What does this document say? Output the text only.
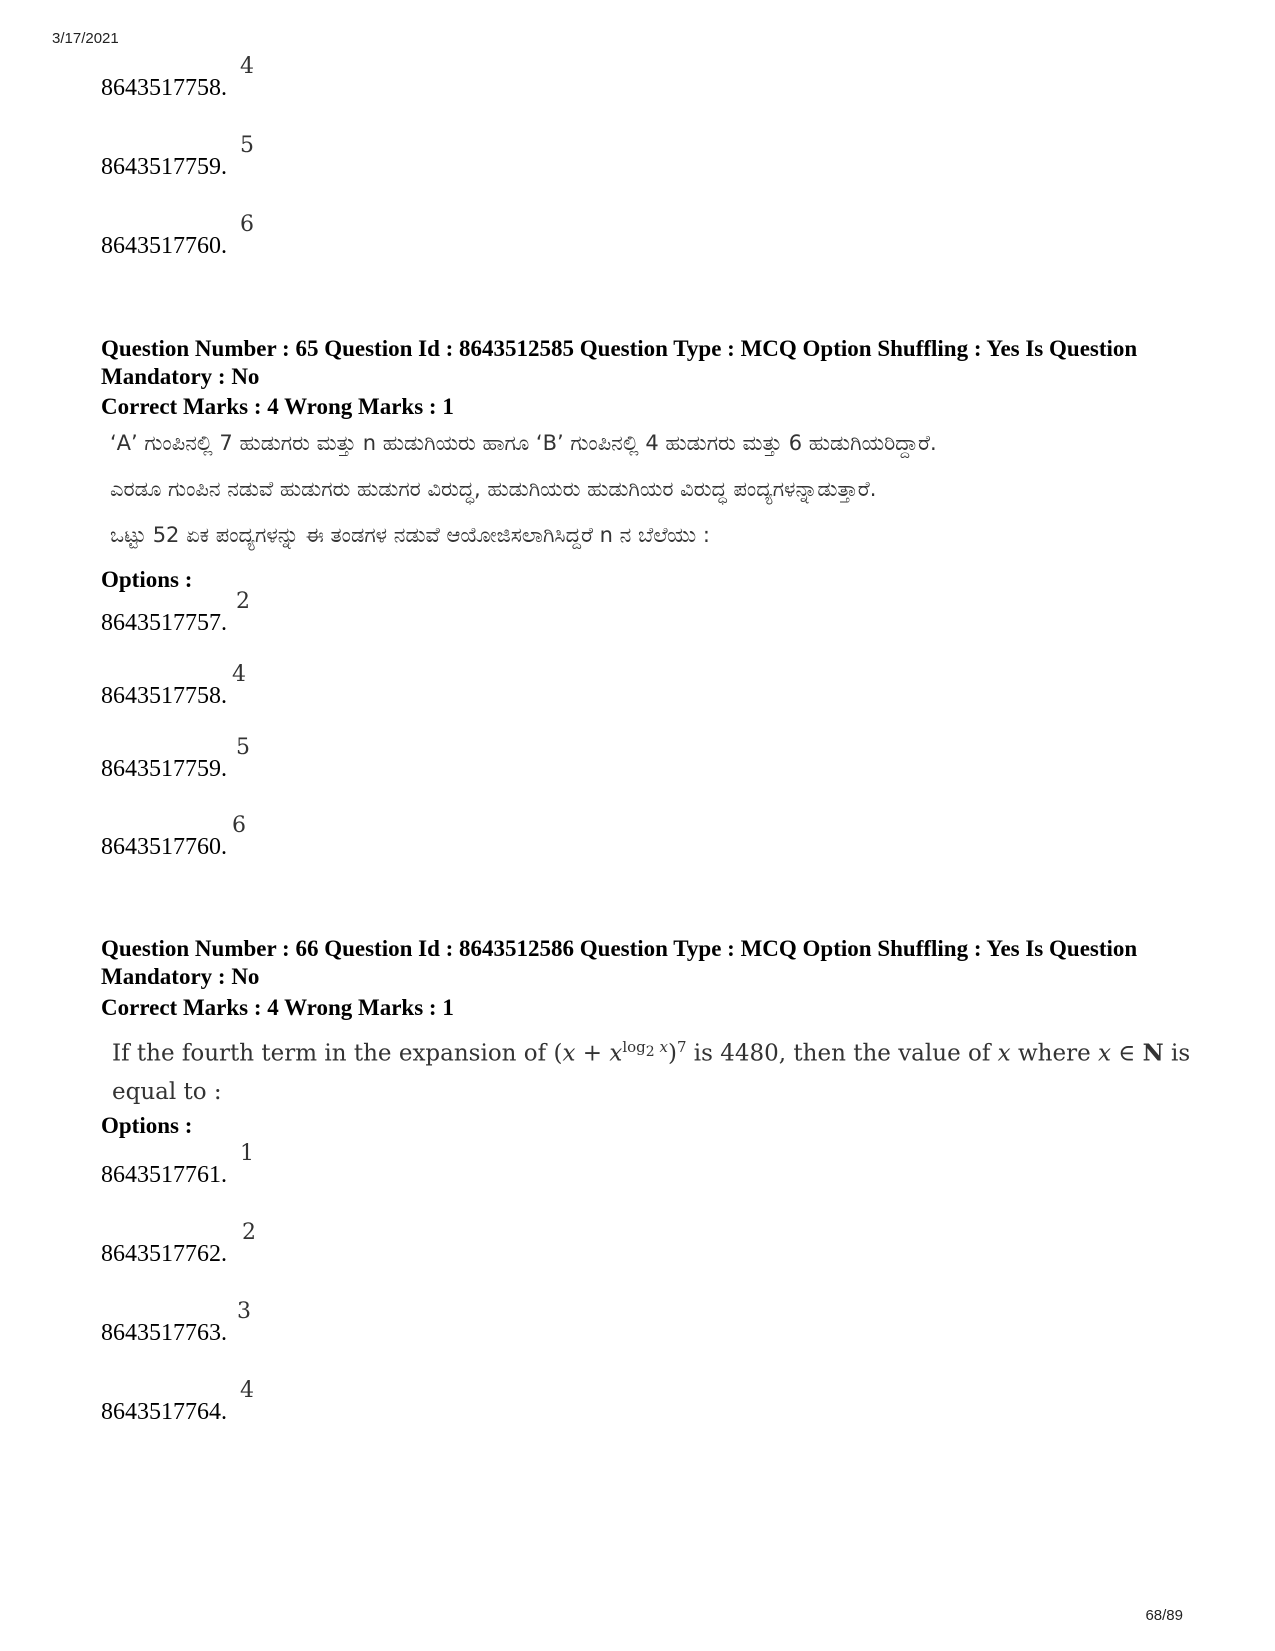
3/17/2021
8643517758.
4
8643517759.
5
8643517760.
6
Question Number : 65 Question Id : 8643512585 Question Type : MCQ Option Shuffling : Yes Is Question Mandatory : No
Correct Marks : 4 Wrong Marks : 1
‘A’ ಗುಂಪಿನಲ್ಲಿ 7 ಹುಡುಗರು ಮತ್ತು n ಹುಡುಗಿಯರು ಹಾಗೂ ‘B’ ಗುಂಪಿನಲ್ಲಿ 4 ಹುಡುಗರು ಮತ್ತು 6 ಹುಡುಗಿಯರಿದ್ದಾರೆ.
ಎರಡೂ ಗುಂಪಿನ ನಡುವೆ ಹುಡುಗರು ಹುಡುಗರ ವಿರುದ್ಧ, ಹುಡುಗಿಯರು ಹುಡುಗಿಯರ ವಿರುದ್ಧ ಪಂದ್ಯಗಳನ್ನಾಡುತ್ತಾರೆ.
ಒಟ್ಟು 52 ಏಕ ಪಂದ್ಯಗಳನ್ನು ಈ ತಂಡಗಳ ನಡುವೆ ಆಯೋಜಿಸಲಾಗಿಸಿದ್ದರೆ n ನ ಬೆಲೆಯು :
Options :
8643517757.
2
8643517758.
4
8643517759.
5
8643517760.
6
Question Number : 66 Question Id : 8643512586 Question Type : MCQ Option Shuffling : Yes Is Question Mandatory : No
Correct Marks : 4 Wrong Marks : 1
If the fourth term in the expansion of $(x + x^{log_2 x})^7$ is 4480, then the value of x where x ∈ N is
equal to :
Options :
8643517761.
1
8643517762.
2
8643517763.
3
8643517764.
4
68/89
